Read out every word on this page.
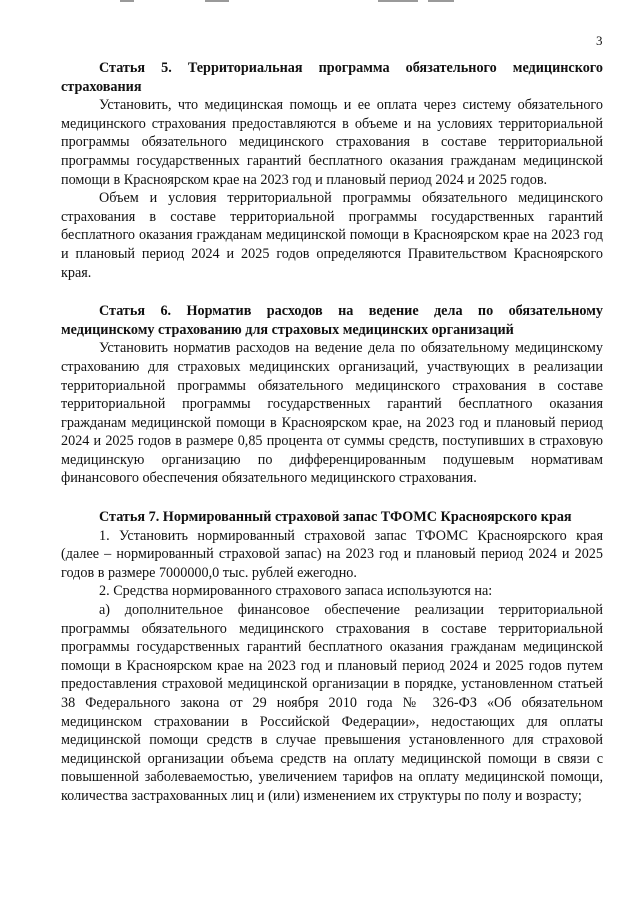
3

Статья 5. Территориальная программа обязательного медицинского страхования

Установить, что медицинская помощь и ее оплата через систему обязательного медицинского страхования предоставляются в объеме и на условиях территориальной программы обязательного медицинского страхования в составе территориальной программы государственных гарантий бесплатного оказания гражданам медицинской помощи в Красноярском крае на 2023 год и плановый период 2024 и 2025 годов.

Объем и условия территориальной программы обязательного медицинского страхования в составе территориальной программы государственных гарантий бесплатного оказания гражданам медицинской помощи в Красноярском крае на 2023 год и плановый период 2024 и 2025 годов определяются Правительством Красноярского края.

Статья 6. Норматив расходов на ведение дела по обязательному медицинскому страхованию для страховых медицинских организаций

Установить норматив расходов на ведение дела по обязательному медицинскому страхованию для страховых медицинских организаций, участвующих в реализации территориальной программы обязательного медицинского страхования в составе территориальной программы государственных гарантий бесплатного оказания гражданам медицинской помощи в Красноярском крае, на 2023 год и плановый период 2024 и 2025 годов в размере 0,85 процента от суммы средств, поступивших в страховую медицинскую организацию по дифференцированным подушевым нормативам финансового обеспечения обязательного медицинского страхования.

Статья 7. Нормированный страховой запас ТФОМС Красноярского края

1. Установить нормированный страховой запас ТФОМС Красноярского края (далее – нормированный страховой запас) на 2023 год и плановый период 2024 и 2025 годов в размере 7000000,0 тыс. рублей ежегодно.

2. Средства нормированного страхового запаса используются на:

а) дополнительное финансовое обеспечение реализации территориальной программы обязательного медицинского страхования в составе территориальной программы государственных гарантий бесплатного оказания гражданам медицинской помощи в Красноярском крае на 2023 год и плановый период 2024 и 2025 годов путем предоставления страховой медицинской организации в порядке, установленном статьей 38 Федерального закона от 29 ноября 2010 года № 326-ФЗ «Об обязательном медицинском страховании в Российской Федерации», недостающих для оплаты медицинской помощи средств в случае превышения установленного для страховой медицинской организации объема средств на оплату медицинской помощи в связи с повышенной заболеваемостью, увеличением тарифов на оплату медицинской помощи, количества застрахованных лиц и (или) изменением их структуры по полу и возрасту;
